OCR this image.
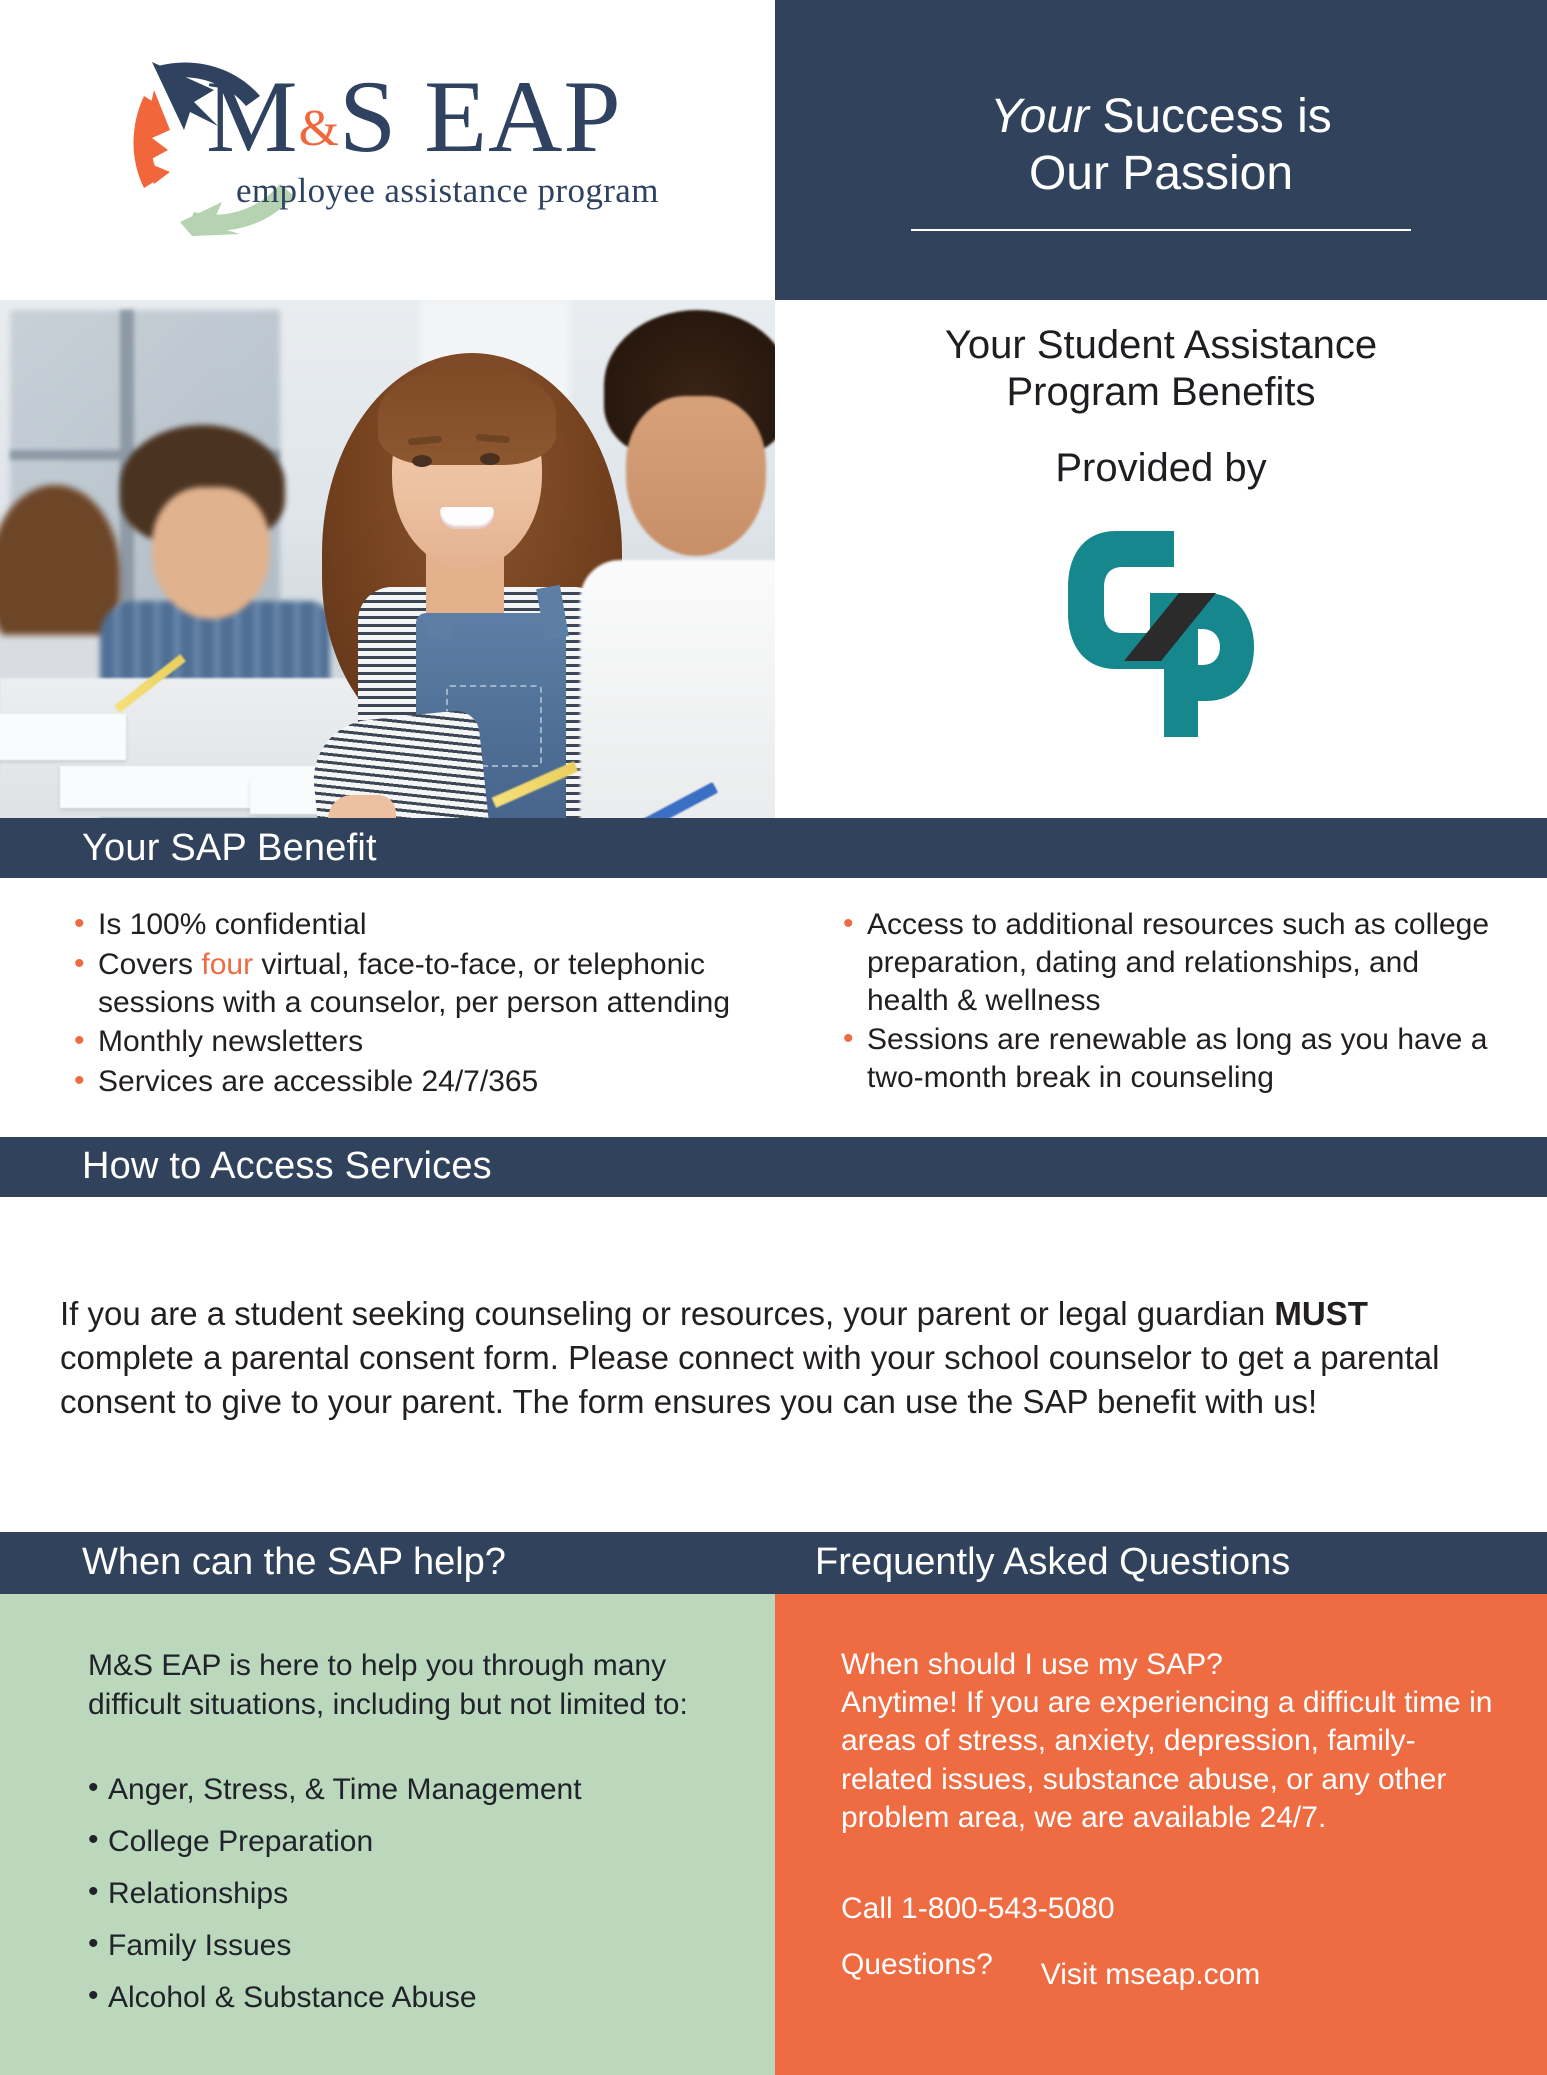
M&S EAP
employee assistance program
Your Success is
Our Passion
Your Student Assistance
Program Benefits
Provided by
Your SAP Benefit
• Is 100% confidential
• Covers four virtual, face-to-face, or telephonic sessions with a counselor, per person attending
• Monthly newsletters
• Services are accessible 24/7/365
• Access to additional resources such as college preparation, dating and relationships, and health & wellness
• Sessions are renewable as long as you have a two-month break in counseling
How to Access Services

If you are a student seeking counseling or resources, your parent or legal guardian MUST complete a parental consent form. Please connect with your school counselor to get a parental consent to give to your parent. The form ensures you can use the SAP benefit with us!

When can the SAP help?	Frequently Asked Questions
M&S EAP is here to help you through many difficult situations, including but not limited to:
• Anger, Stress, & Time Management
• College Preparation
• Relationships
• Family Issues
• Alcohol & Substance Abuse
When should I use my SAP?
Anytime! If you are experiencing a difficult time in areas of stress, anxiety, depression, family-related issues, substance abuse, or any other problem area, we are available 24/7.
Call 1-800-543-5080
Questions? Visit mseap.com
